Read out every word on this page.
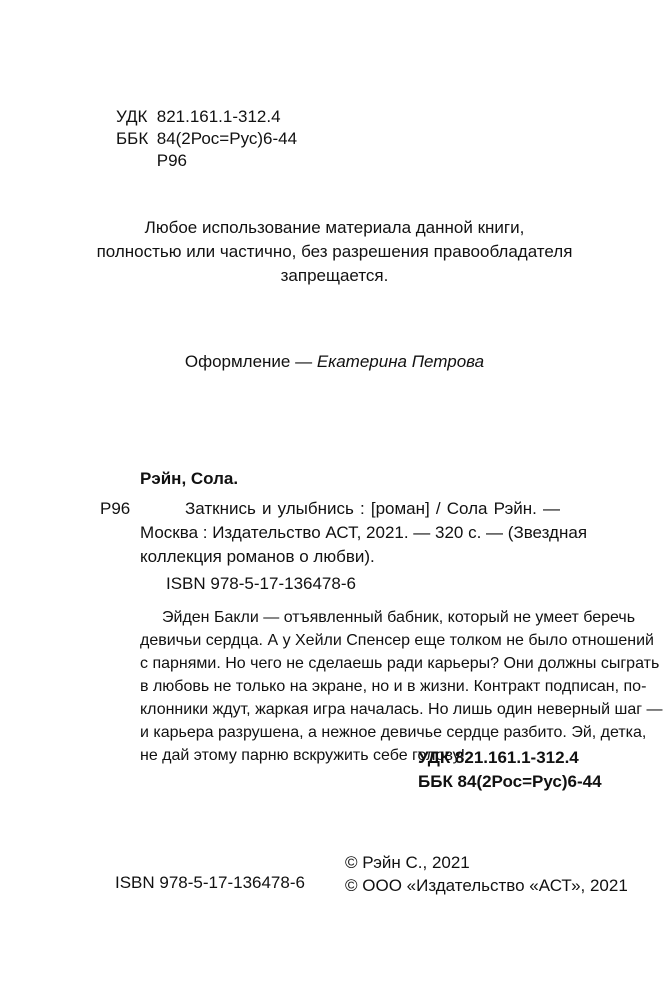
УДК 821.161.1-312.4
ББК 84(2Рос=Рус)6-44
Р96
Любое использование материала данной книги,
полностью или частично, без разрешения правообладателя
запрещается.
Оформление — Екатерина Петрова
Рэйн, Сола.
Р96	Заткнись и улыбнись : [роман] / Сола Рэйн. —
Москва : Издательство АСТ, 2021. — 320 с. — (Звездная
коллекция романов о любви).
ISBN 978-5-17-136478-6
Эйден Бакли — отъявленный бабник, который не умеет беречь
девичьи сердца. А у Хейли Спенсер еще толком не было отношений
с парнями. Но чего не сделаешь ради карьеры? Они должны сыграть
в любовь не только на экране, но и в жизни. Контракт подписан, по-
клонники ждут, жаркая игра началась. Но лишь один неверный шаг —
и карьера разрушена, а нежное девичье сердце разбито. Эй, детка,
не дай этому парню вскружить себе голову!
УДК 821.161.1-312.4
ББК 84(2Рос=Рус)6-44
ISBN 978-5-17-136478-6
© Рэйн С., 2021
© ООО «Издательство «АСТ», 2021
